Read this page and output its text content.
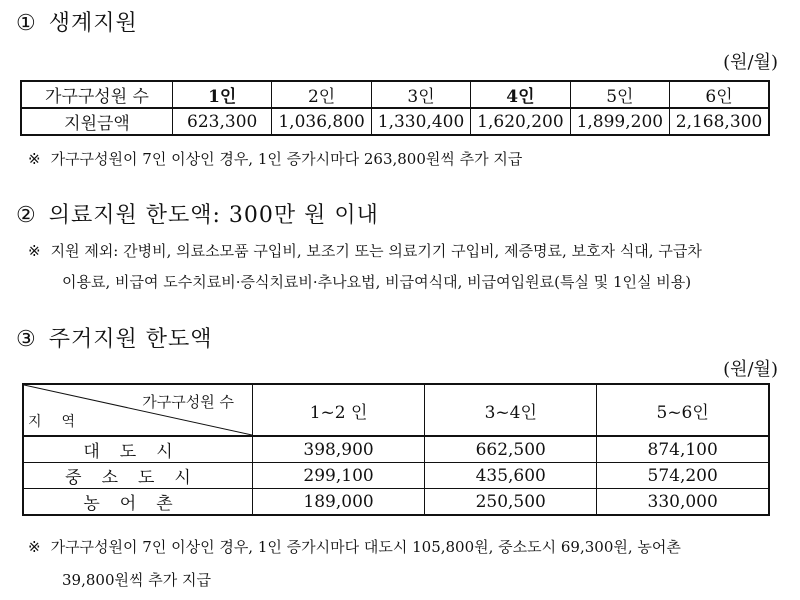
① 생계지원
(원/월)
가구구성원 수	1인	2인	3인	4인	5인	6인
지원금액	623,300	1,036,800	1,330,400	1,620,200	1,899,200	2,168,300
※ 가구구성원이 7인 이상인 경우, 1인 증가시마다 263,800원씩 추가 지급
② 의료지원 한도액: 300만 원 이내
※ 지원 제외: 간병비, 의료소모품 구입비, 보조기 또는 의료기기 구입비, 제증명료, 보호자 식대, 구급차
이용료, 비급여 도수치료비·증식치료비·추나요법, 비급여식대, 비급여입원료(특실 및 1인실 비용)
③ 주거지원 한도액
(원/월)
가구구성원 수
지역	1~2 인	3~4인	5~6인
대도시	398,900	662,500	874,100
중소도시	299,100	435,600	574,200
농어촌	189,000	250,500	330,000
※ 가구구성원이 7인 이상인 경우, 1인 증가시마다 대도시 105,800원, 중소도시 69,300원, 농어촌
39,800원씩 추가 지급
